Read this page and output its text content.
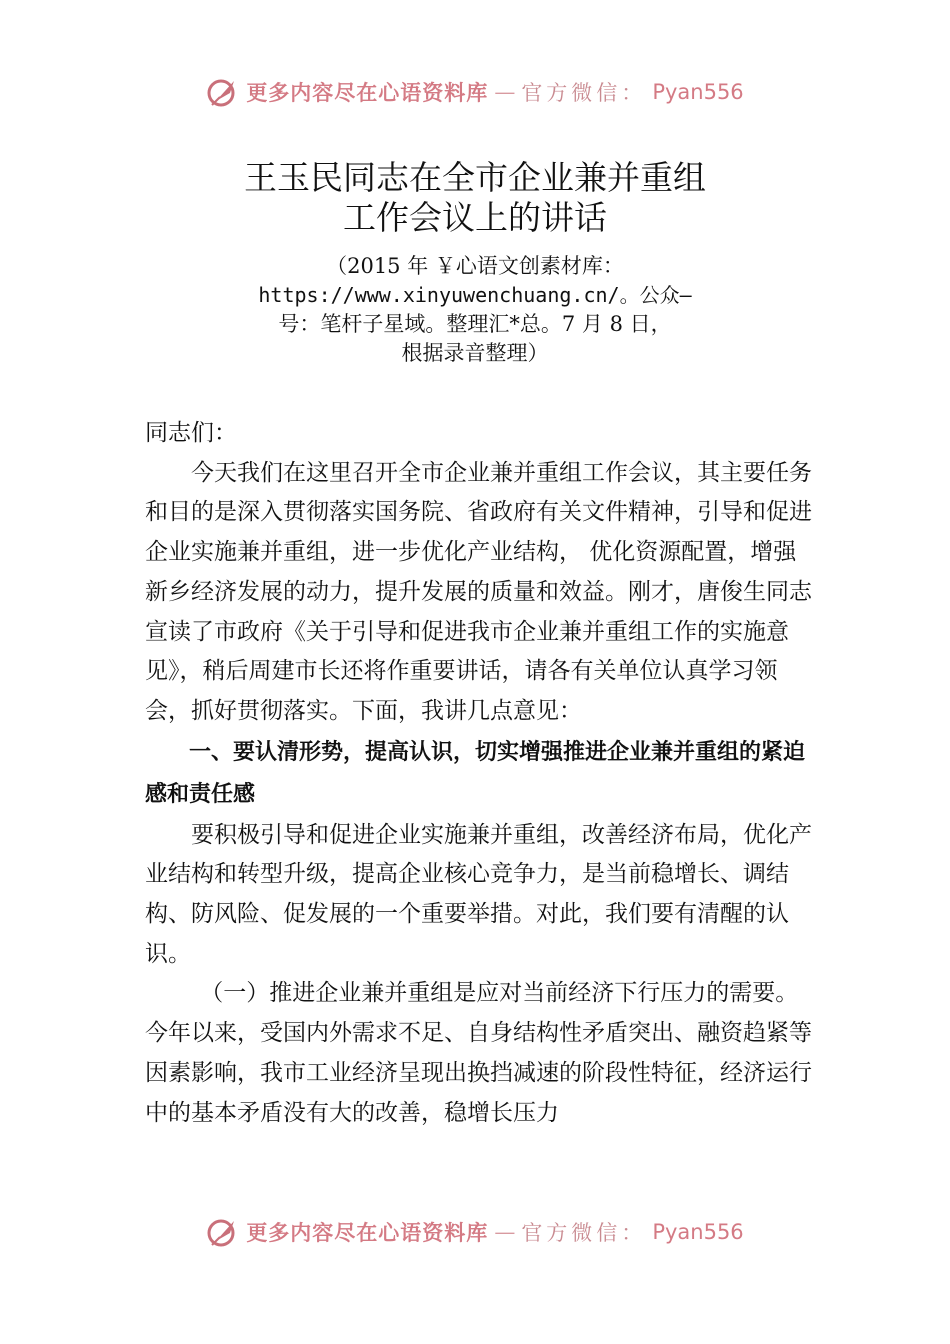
更多内容尽在心语资料库 — 官方微信： Pyan556
王玉民同志在全市企业兼并重组
工作会议上的讲话
（2015 年 ￥心语文创素材库：
https://www.xinyuwenchuang.cn/。公众—
号：笔杆子星域。整理汇*总。7 月 8 日，
根据录音整理）

同志们：

今天我们在这里召开全市企业兼并重组工作会议，其主要任务和目的是深入贯彻落实国务院、省政府有关文件精神，引导和促进企业实施兼并重组，进一步优化产业结构， 优化资源配置，增强新乡经济发展的动力，提升发展的质量和效益。刚才，唐俊生同志宣读了市政府《关于引导和促进我市企业兼并重组工作的实施意见》，稍后周建市长还将作重要讲话，请各有关单位认真学习领会，抓好贯彻落实。下面，我讲几点意见：

一、要认清形势，提高认识，切实增强推进企业兼并重组的紧迫感和责任感

要积极引导和促进企业实施兼并重组，改善经济布局，优化产业结构和转型升级，提高企业核心竞争力，是当前稳增长、调结构、防风险、促发展的一个重要举措。对此，我们要有清醒的认识。

（一）推进企业兼并重组是应对当前经济下行压力的需要。今年以来，受国内外需求不足、自身结构性矛盾突出、融资趋紧等因素影响，我市工业经济呈现出换挡减速的阶段性特征，经济运行中的基本矛盾没有大的改善，稳增长压力

更多内容尽在心语资料库 — 官方微信： Pyan556
